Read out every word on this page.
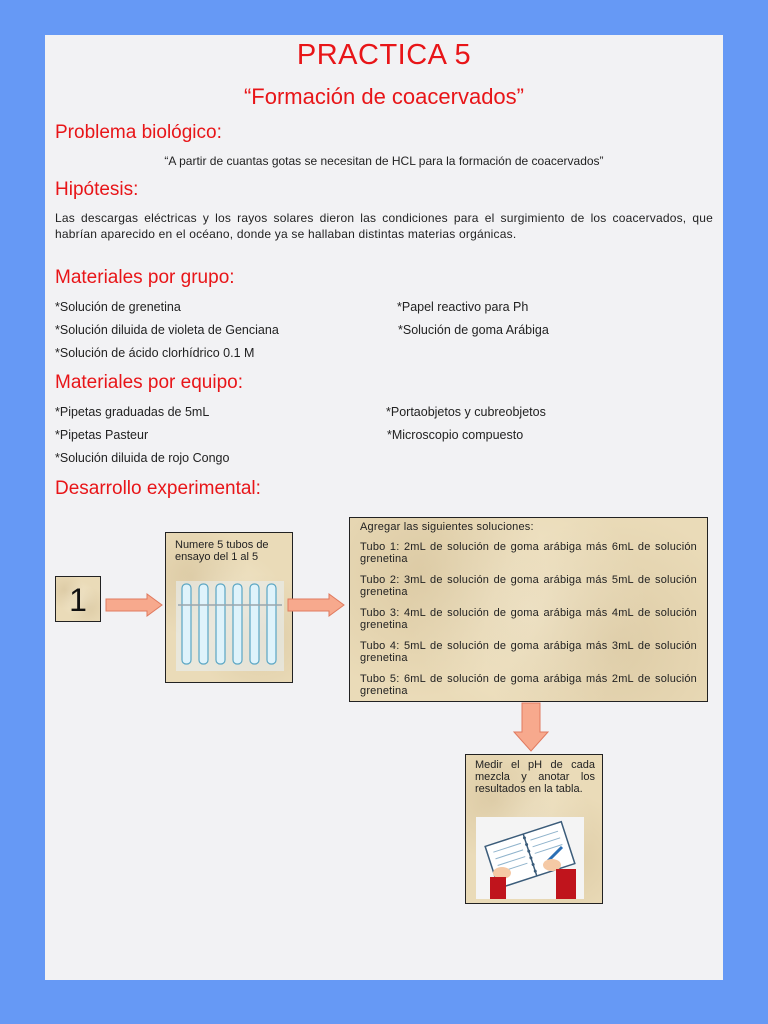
PRACTICA 5
“Formación de coacervados”
Problema biológico:
“A partir de cuantas gotas se necesitan de HCL para la formación de coacervados”
Hipótesis:
Las descargas eléctricas y los rayos solares dieron las condiciones para el surgimiento de los coacervados, que habrían aparecido en el océano, donde ya se hallaban distintas materias orgánicas.
Materiales por grupo:
*Solución de grenetina	*Papel reactivo para Ph
*Solución diluida de violeta de Genciana	*Solución de goma Arábiga
*Solución de ácido clorhídrico 0.1 M
Materiales por equipo:
*Pipetas graduadas de 5mL	*Portaobjetos y cubreobjetos
*Pipetas Pasteur	*Microscopio compuesto
*Solución diluida de rojo Congo
Desarrollo experimental:
1
Numere 5 tubos de ensayo del 1 al 5
Agregar las siguientes soluciones:
Tubo 1: 2mL de solución de goma arábiga más 6mL de solución grenetina
Tubo 2: 3mL de solución de goma arábiga más 5mL de solución grenetina
Tubo 3: 4mL de solución de goma arábiga más 4mL de solución grenetina
Tubo 4: 5mL de solución de goma arábiga más 3mL de solución grenetina
Tubo 5: 6mL de solución de goma arábiga más 2mL de solución grenetina
Medir el pH de cada mezcla y anotar los resultados en la tabla.
